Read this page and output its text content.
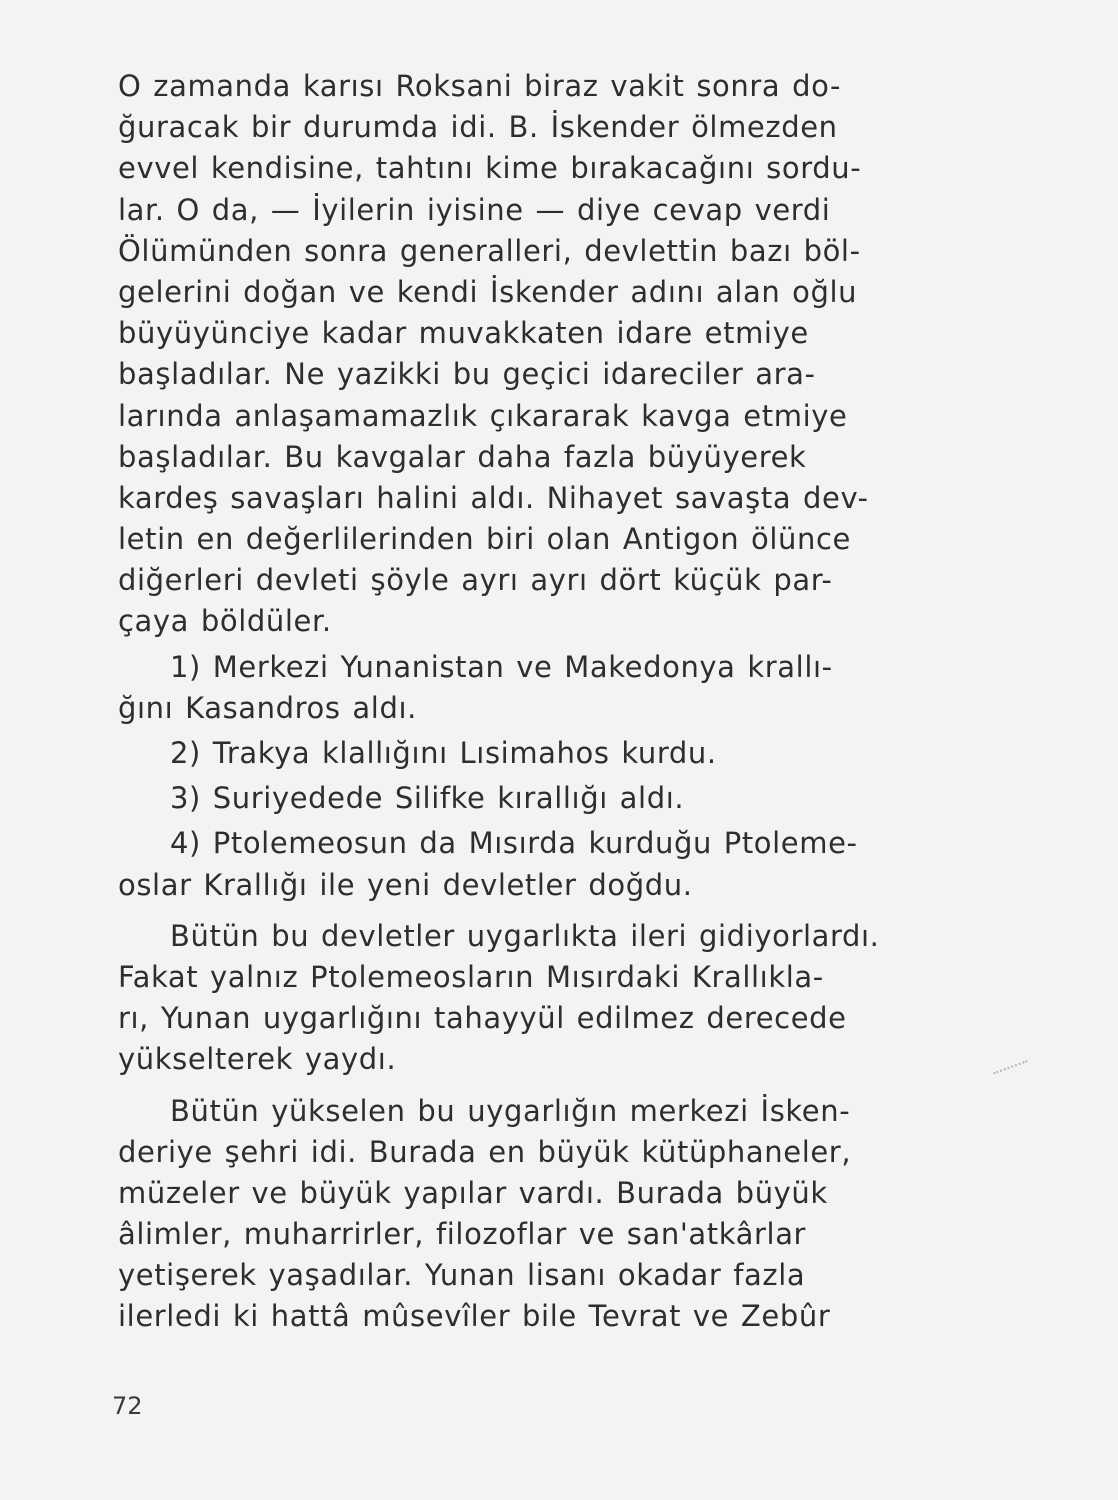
O zamanda karısı Roksani biraz vakit sonra do-
ğuracak bir durumda idi. B. İskender ölmezden
evvel kendisine, tahtını kime bırakacağını sordu-
lar. O da, — İyilerin iyisine — diye cevap verdi
Ölümünden sonra generalleri, devlettin bazı böl-
gelerini doğan ve kendi İskender adını alan oğlu
büyüyünciye kadar muvakkaten idare etmiye
başladılar. Ne yazikki bu geçici idareciler ara-
larında anlaşamamazlık çıkararak kavga etmiye
başladılar. Bu kavgalar daha fazla büyüyerek
kardeş savaşları halini aldı. Nihayet savaşta dev-
letin en değerlilerinden biri olan Antigon ölünce
diğerleri devleti şöyle ayrı ayrı dört küçük par-
çaya böldüler.
1) Merkezi Yunanistan ve Makedonya krallı-
ğını Kasandros aldı.
2) Trakya klallığını Lısimahos kurdu.
3) Suriyedede Silifke kırallığı aldı.
4) Ptolemeosun da Mısırda kurduğu Ptoleme-
oslar Krallığı ile yeni devletler doğdu.
Bütün bu devletler uygarlıkta ileri gidiyorlardı.
Fakat yalnız Ptolemeosların Mısırdaki Krallıkla-
rı, Yunan uygarlığını tahayyül edilmez derecede
yükselterek yaydı.
Bütün yükselen bu uygarlığın merkezi İsken-
deriye şehri idi. Burada en büyük kütüphaneler,
müzeler ve büyük yapılar vardı. Burada büyük
âlimler, muharrirler, filozoflar ve san'atkârlar
yetişerek yaşadılar. Yunan lisanı okadar fazla
ilerledi ki hattâ mûsevîler bile Tevrat ve Zebûr
72
